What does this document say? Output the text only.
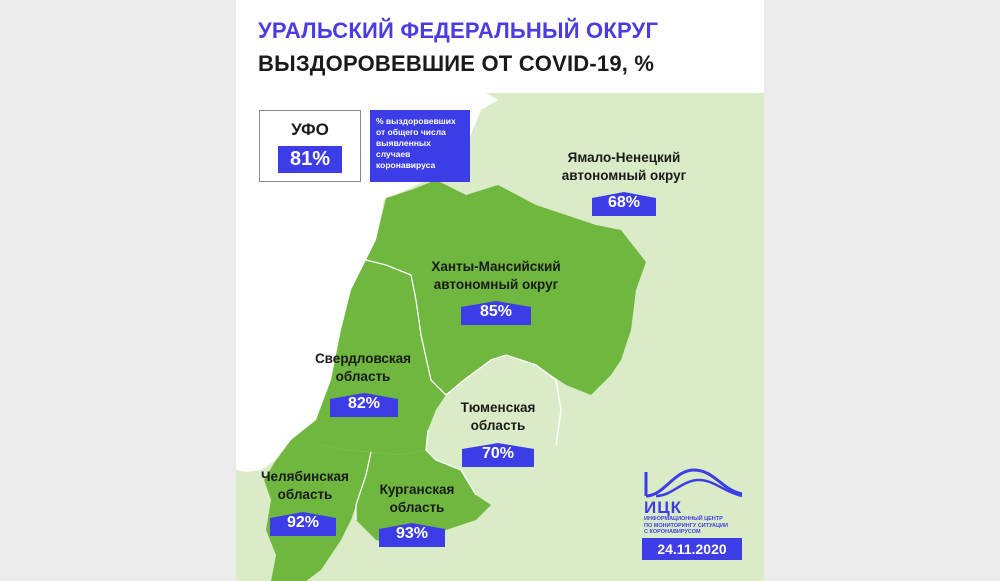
УРАЛЬСКИЙ ФЕДЕРАЛЬНЫЙ ОКРУГ
ВЫЗДОРОВЕВШИЕ ОТ COVID-19, %
УФО
81%
% выздоровевших от общего числа выявленных случаев коронавируса	Ямало-Ненецкий
автономный округ
68%
Ханты-Мансийский
автономный округ
85%
Свердловская
область
82%	Тюменская
область
70%
Челябинская
область
92%
Курганская
область
93%
ИЦК
ИНФОРМАЦИОННЫЙ ЦЕНТР
ПО МОНИТОРИНГУ СИТУАЦИИ
С КОРОНАВИРУСОМ
24.11.2020
